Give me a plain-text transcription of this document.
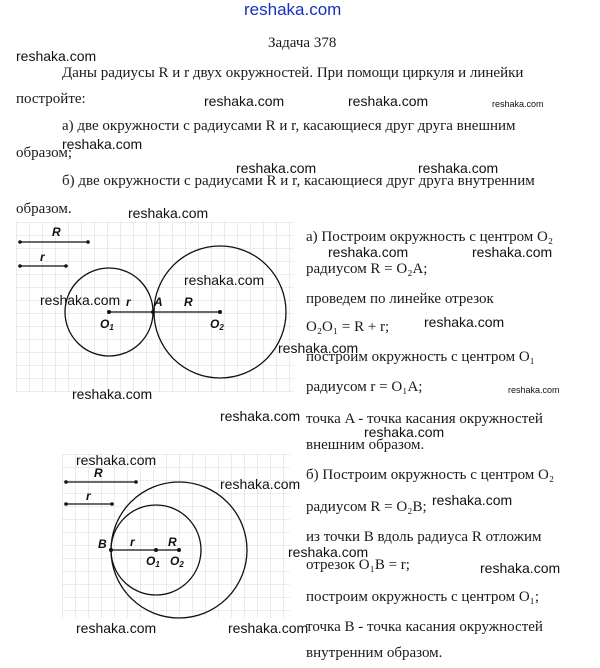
reshaka.com
Задача 378
Даны радиусы R и r двух окружностей. При помощи циркуля и линейки
постройте:
а) две окружности с радиусами R и r, касающиеся друг друга внешним
образом;
б) две окружности с радиусами R и r, касающиеся друг друга внутренним
образом.
а) Построим окружность с центром O₂
радиусом R = O₂A;
проведем по линейке отрезок
O₂O₁ = R + r;
построим окружность с центром O₁
радиусом r = O₁A;
точка A - точка касания окружностей
внешним образом.
б) Построим окружность с центром O₂
радиусом R = O₂B;
из точки B вдоль радиуса R отложим
отрезок O₁B = r;
построим окружность с центром O₁;
точка B - точка касания окружностей
внутренним образом.
R
r
r A R
O1	O2
R
r
B r	R
O1 O2
reshaka.com
reshaka.com	reshaka.com	reshaka.com
reshaka.com
reshaka.com	reshaka.com
reshaka.com
reshaka.com	reshaka.com
reshaka.com
reshaka.com
reshaka.com
reshaka.com
reshaka.com
reshaka.com
reshaka.com
reshaka.com
reshaka.com
reshaka.com
reshaka.com
reshaka.com
reshaka.com
reshaka.com	reshaka.com
